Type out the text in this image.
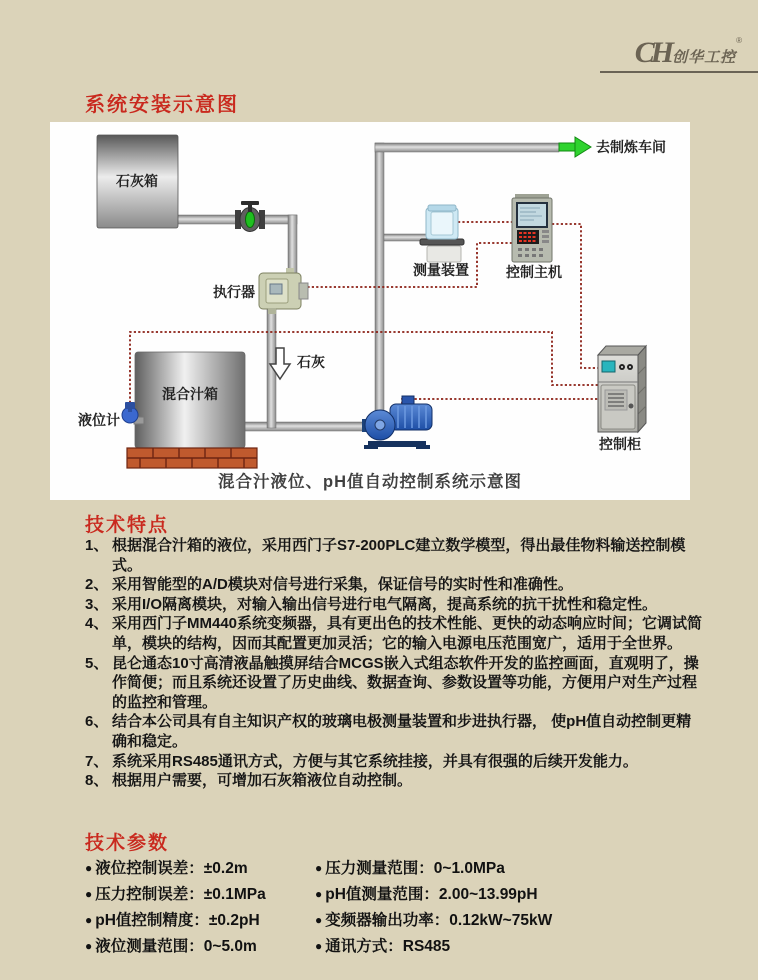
CH 创华工控®
系统安装示意图
石灰箱
执行器
石灰
混合汁箱
液位计
测量装置	控制主机
控制柜
去制炼车间
混合汁液位、pH值自动控制系统示意图
技术特点
1、 根据混合汁箱的液位，采用西门子S7-200PLC建立数学模型，得出最佳物料输送控制模式。
2、 采用智能型的A/D模块对信号进行采集，保证信号的实时性和准确性。
3、 采用I/O隔离模块，对输入输出信号进行电气隔离，提高系统的抗干扰性和稳定性。
4、 采用西门子MM440系统变频器，具有更出色的技术性能、更快的动态响应时间；它调试简单，模块的结构，因而其配置更加灵活；它的输入电源电压范围宽广，适用于全世界。
5、 昆仑通态10寸高清液晶触摸屏结合MCGS嵌入式组态软件开发的监控画面，直观明了，操作简便；而且系统还设置了历史曲线、数据查询、参数设置等功能，方便用户对生产过程的监控和管理。
6、 结合本公司具有自主知识产权的玻璃电极测量装置和步进执行器， 使pH值自动控制更精确和稳定。
7、 系统采用RS485通讯方式，方便与其它系统挂接，并具有很强的后续开发能力。
8、 根据用户需要，可增加石灰箱液位自动控制。
技术参数
● 液位控制误差：±0.2m
● 压力控制误差：±0.1MPa
● pH值控制精度：±0.2pH
● 液位测量范围：0~5.0m
● 压力测量范围：0~1.0MPa
● pH值测量范围：2.00~13.99pH
● 变频器输出功率：0.12kW~75kW
● 通讯方式：RS485
